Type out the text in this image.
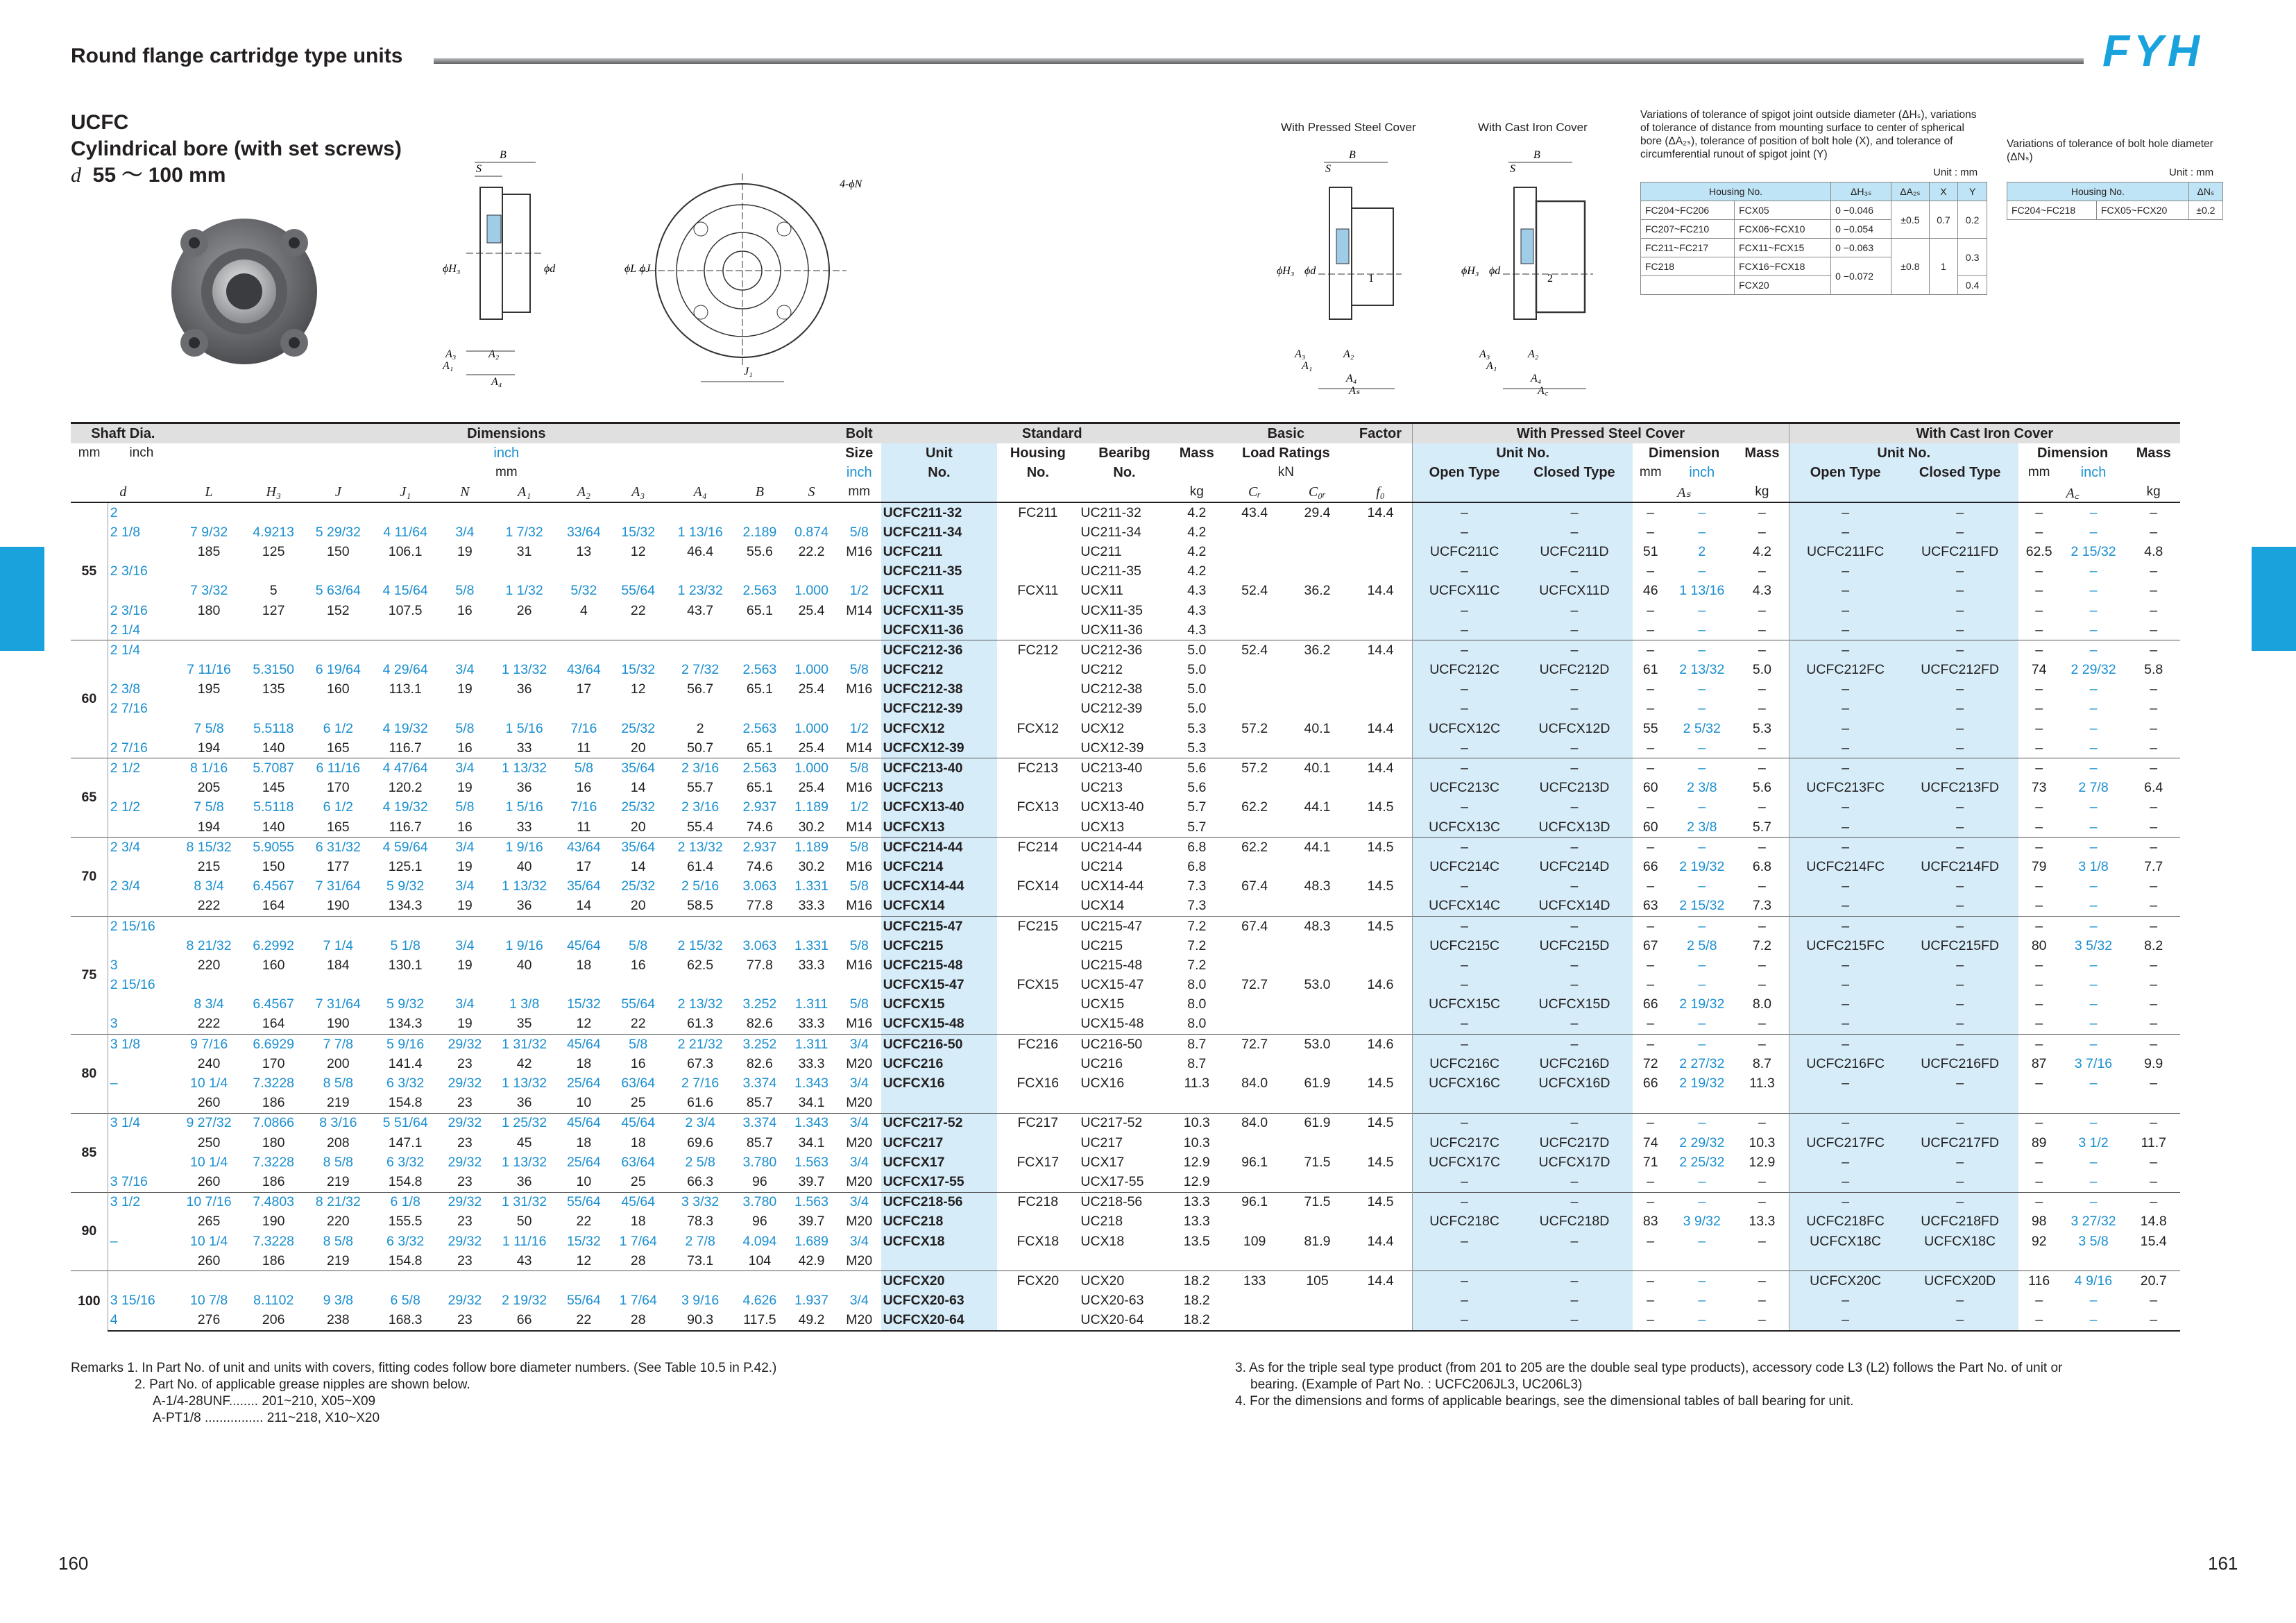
Round flange cartridge type units	FYH
UCFC
Cylindrical bore (with set screws)
d 55 ～ 100 mm
B
S
ϕH₃	ϕd
A₃
A₁
A₂
A₄
4-ϕN
ϕL ϕJ
J₁
With Pressed Steel Cover	With Cast Iron Cover
B
S
ϕH₃ ϕd
1
A₃
A₁
A₂
A₄
Aₛ
B
S
ϕH₃ ϕd
2
A₃
A₁
A₂
A₄
A꜀
Variations of tolerance of spigot joint outside diameter (ΔHₛ), variations of tolerance of distance from mounting surface to center of spherical bore (ΔA₂ₛ), tolerance of position of bolt hole (X), and tolerance of circumferential runout of spigot joint (Y)
Unit : mm
Housing No.		ΔH₃ₛ	ΔA₂ₛ	X	Y
FC204~FC206	FCX05	0 −0.046	±0.5	0.7	0.2
FC207~FC210	FCX06~FCX10	0 −0.054			
FC211~FC217	FCX11~FCX15	0 −0.063	±0.8	1	0.3
FC218	FCX16~FCX18	0 −0.072			
	FCX20				0.4
Variations of tolerance of bolt hole diameter (ΔNₛ)
Unit : mm
Housing No.		ΔNₛ
FC204~FC218	FCX05~FCX20	±0.2
Shaft Dia.		Dimensions											Bolt	Standard				Basic		Factor	With Pressed Steel Cover					With Cast Iron Cover				
mm	inch	inch											Size	Unit	Housing	Bearibg	Mass	Load Ratings			Unit No.		Dimension		Mass	Unit No.		Dimension		Mass
		mm											inch	No.	No.	No.		kN			Open Type	Closed Type	mm	inch		Open Type	Closed Type	mm	inch	
d		L	H₃	J	J₁	N	A₁	A₂	A₃	A₄	B	S	mm				kg	Cᵣ	C₀ᵣ	f₀			Aₛ		kg			A꜀		kg
55	2													UCFC211-32	FC211	UC211-32	4.2	43.4	29.4	14.4	–	–	–	–	–	–	–	–	–	–
	2 1/8	7 9/32	4.9213	5 29/32	4 11/64	3/4	1 7/32	33/64	15/32	1 13/16	2.189	0.874	5/8	UCFC211-34		UC211-34	4.2				–	–	–	–	–	–	–	–	–	–
		185	125	150	106.1	19	31	13	12	46.4	55.6	22.2	M16	UCFC211		UC211	4.2				UCFC211C	UCFC211D	51	2	4.2	UCFC211FC	UCFC211FD	62.5	2 15/32	4.8
	2 3/16													UCFC211-35		UC211-35	4.2				–	–	–	–	–	–	–	–	–	–
		7 3/32	5	5 63/64	4 15/64	5/8	1 1/32	5/32	55/64	1 23/32	2.563	1.000	1/2	UCFCX11	FCX11	UCX11	4.3	52.4	36.2	14.4	UCFCX11C	UCFCX11D	46	1 13/16	4.3	–	–	–	–	–
	2 3/16	180	127	152	107.5	16	26	4	22	43.7	65.1	25.4	M14	UCFCX11-35		UCX11-35	4.3				–	–	–	–	–	–	–	–	–	–
	2 1/4													UCFCX11-36		UCX11-36	4.3				–	–	–	–	–	–	–	–	–	–
60	2 1/4													UCFC212-36	FC212	UC212-36	5.0	52.4	36.2	14.4	–	–	–	–	–	–	–	–	–	–
		7 11/16	5.3150	6 19/64	4 29/64	3/4	1 13/32	43/64	15/32	2 7/32	2.563	1.000	5/8	UCFC212		UC212	5.0				UCFC212C	UCFC212D	61	2 13/32	5.0	UCFC212FC	UCFC212FD	74	2 29/32	5.8
	2 3/8	195	135	160	113.1	19	36	17	12	56.7	65.1	25.4	M16	UCFC212-38		UC212-38	5.0				–	–	–	–	–	–	–	–	–	–
	2 7/16													UCFC212-39		UC212-39	5.0				–	–	–	–	–	–	–	–	–	–
		7 5/8	5.5118	6 1/2	4 19/32	5/8	1 5/16	7/16	25/32	2	2.563	1.000	1/2	UCFCX12	FCX12	UCX12	5.3	57.2	40.1	14.4	UCFCX12C	UCFCX12D	55	2 5/32	5.3	–	–	–	–	–
	2 7/16	194	140	165	116.7	16	33	11	20	50.7	65.1	25.4	M14	UCFCX12-39		UCX12-39	5.3				–	–	–	–	–	–	–	–	–	–
65	2 1/2	8 1/16	5.7087	6 11/16	4 47/64	3/4	1 13/32	5/8	35/64	2 3/16	2.563	1.000	5/8	UCFC213-40	FC213	UC213-40	5.6	57.2	40.1	14.4	–	–	–	–	–	–	–	–	–	–
		205	145	170	120.2	19	36	16	14	55.7	65.1	25.4	M16	UCFC213		UC213	5.6				UCFC213C	UCFC213D	60	2 3/8	5.6	UCFC213FC	UCFC213FD	73	2 7/8	6.4
	2 1/2	7 5/8	5.5118	6 1/2	4 19/32	5/8	1 5/16	7/16	25/32	2 3/16	2.937	1.189	1/2	UCFCX13-40	FCX13	UCX13-40	5.7	62.2	44.1	14.5	–	–	–	–	–	–	–	–	–	–
		194	140	165	116.7	16	33	11	20	55.4	74.6	30.2	M14	UCFCX13		UCX13	5.7				UCFCX13C	UCFCX13D	60	2 3/8	5.7	–	–	–	–	–
70	2 3/4	8 15/32	5.9055	6 31/32	4 59/64	3/4	1 9/16	43/64	35/64	2 13/32	2.937	1.189	5/8	UCFC214-44	FC214	UC214-44	6.8	62.2	44.1	14.5	–	–	–	–	–	–	–	–	–	–
		215	150	177	125.1	19	40	17	14	61.4	74.6	30.2	M16	UCFC214		UC214	6.8				UCFC214C	UCFC214D	66	2 19/32	6.8	UCFC214FC	UCFC214FD	79	3 1/8	7.7
	2 3/4	8 3/4	6.4567	7 31/64	5 9/32	3/4	1 13/32	35/64	25/32	2 5/16	3.063	1.331	5/8	UCFCX14-44	FCX14	UCX14-44	7.3	67.4	48.3	14.5	–	–	–	–	–	–	–	–	–	–
		222	164	190	134.3	19	36	14	20	58.5	77.8	33.3	M16	UCFCX14		UCX14	7.3				UCFCX14C	UCFCX14D	63	2 15/32	7.3	–	–	–	–	–
75	2 15/16													UCFC215-47	FC215	UC215-47	7.2	67.4	48.3	14.5	–	–	–	–	–	–	–	–	–	–
		8 21/32	6.2992	7 1/4	5 1/8	3/4	1 9/16	45/64	5/8	2 15/32	3.063	1.331	5/8	UCFC215		UC215	7.2				UCFC215C	UCFC215D	67	2 5/8	7.2	UCFC215FC	UCFC215FD	80	3 5/32	8.2
	3	220	160	184	130.1	19	40	18	16	62.5	77.8	33.3	M16	UCFC215-48		UC215-48	7.2				–	–	–	–	–	–	–	–	–	–
	2 15/16													UCFCX15-47	FCX15	UCX15-47	8.0	72.7	53.0	14.6	–	–	–	–	–	–	–	–	–	–
		8 3/4	6.4567	7 31/64	5 9/32	3/4	1 3/8	15/32	55/64	2 13/32	3.252	1.311	5/8	UCFCX15		UCX15	8.0				UCFCX15C	UCFCX15D	66	2 19/32	8.0	–	–	–	–	–
	3	222	164	190	134.3	19	35	12	22	61.3	82.6	33.3	M16	UCFCX15-48		UCX15-48	8.0				–	–	–	–	–	–	–	–	–	–
80	3 1/8	9 7/16	6.6929	7 7/8	5 9/16	29/32	1 31/32	45/64	5/8	2 21/32	3.252	1.311	3/4	UCFC216-50	FC216	UC216-50	8.7	72.7	53.0	14.6	–	–	–	–	–	–	–	–	–	–
		240	170	200	141.4	23	42	18	16	67.3	82.6	33.3	M20	UCFC216		UC216	8.7				UCFC216C	UCFC216D	72	2 27/32	8.7	UCFC216FC	UCFC216FD	87	3 7/16	9.9
	–	10 1/4	7.3228	8 5/8	6 3/32	29/32	1 13/32	25/64	63/64	2 7/16	3.374	1.343	3/4	UCFCX16	FCX16	UCX16	11.3	84.0	61.9	14.5	UCFCX16C	UCFCX16D	66	2 19/32	11.3	–	–	–	–	–
		260	186	219	154.8	23	36	10	25	61.6	85.7	34.1	M20																	
85	3 1/4	9 27/32	7.0866	8 3/16	5 51/64	29/32	1 25/32	45/64	45/64	2 3/4	3.374	1.343	3/4	UCFC217-52	FC217	UC217-52	10.3	84.0	61.9	14.5	–	–	–	–	–	–	–	–	–	–
		250	180	208	147.1	23	45	18	18	69.6	85.7	34.1	M20	UCFC217		UC217	10.3				UCFC217C	UCFC217D	74	2 29/32	10.3	UCFC217FC	UCFC217FD	89	3 1/2	11.7
		10 1/4	7.3228	8 5/8	6 3/32	29/32	1 13/32	25/64	63/64	2 5/8	3.780	1.563	3/4	UCFCX17	FCX17	UCX17	12.9	96.1	71.5	14.5	UCFCX17C	UCFCX17D	71	2 25/32	12.9	–	–	–	–	–
	3 7/16	260	186	219	154.8	23	36	10	25	66.3	96	39.7	M20	UCFCX17-55		UCX17-55	12.9				–	–	–	–	–	–	–	–	–	–
90	3 1/2	10 7/16	7.4803	8 21/32	6 1/8	29/32	1 31/32	55/64	45/64	3 3/32	3.780	1.563	3/4	UCFC218-56	FC218	UC218-56	13.3	96.1	71.5	14.5	–	–	–	–	–	–	–	–	–	–
		265	190	220	155.5	23	50	22	18	78.3	96	39.7	M20	UCFC218		UC218	13.3				UCFC218C	UCFC218D	83	3 9/32	13.3	UCFC218FC	UCFC218FD	98	3 27/32	14.8
	–	10 1/4	7.3228	8 5/8	6 3/32	29/32	1 11/16	15/32	1 7/64	2 7/8	4.094	1.689	3/4	UCFCX18	FCX18	UCX18	13.5	109	81.9	14.4	–	–	–	–	–	UCFCX18C	UCFCX18C	92	3 5/8	15.4
		260	186	219	154.8	23	43	12	28	73.1	104	42.9	M20																	
100														UCFCX20	FCX20	UCX20	18.2	133	105	14.4	–	–	–	–	–	UCFCX20C	UCFCX20D	116	4 9/16	20.7
	3 15/16	10 7/8	8.1102	9 3/8	6 5/8	29/32	2 19/32	55/64	1 7/64	3 9/16	4.626	1.937	3/4	UCFCX20-63		UCX20-63	18.2				–	–	–	–	–	–	–	–	–	–
	4	276	206	238	168.3	23	66	22	28	90.3	117.5	49.2	M20	UCFCX20-64		UCX20-64	18.2				–	–	–	–	–	–	–	–	–	–
Remarks 1. In Part No. of unit and units with covers, fitting codes follow bore diameter numbers. (See Table 10.5 in P.42.)
2. Part No. of applicable grease nipples are shown below.
A-1/4-28UNF........ 201~210, X05~X09
A-PT1/8 ................ 211~218, X10~X20
3. As for the triple seal type product (from 201 to 205 are the double seal type products), accessory code L3 (L2) follows the Part No. of unit or
bearing. (Example of Part No. : UCFC206JL3, UC206L3)
4. For the dimensions and forms of applicable bearings, see the dimensional tables of ball bearing for unit.
160	161
